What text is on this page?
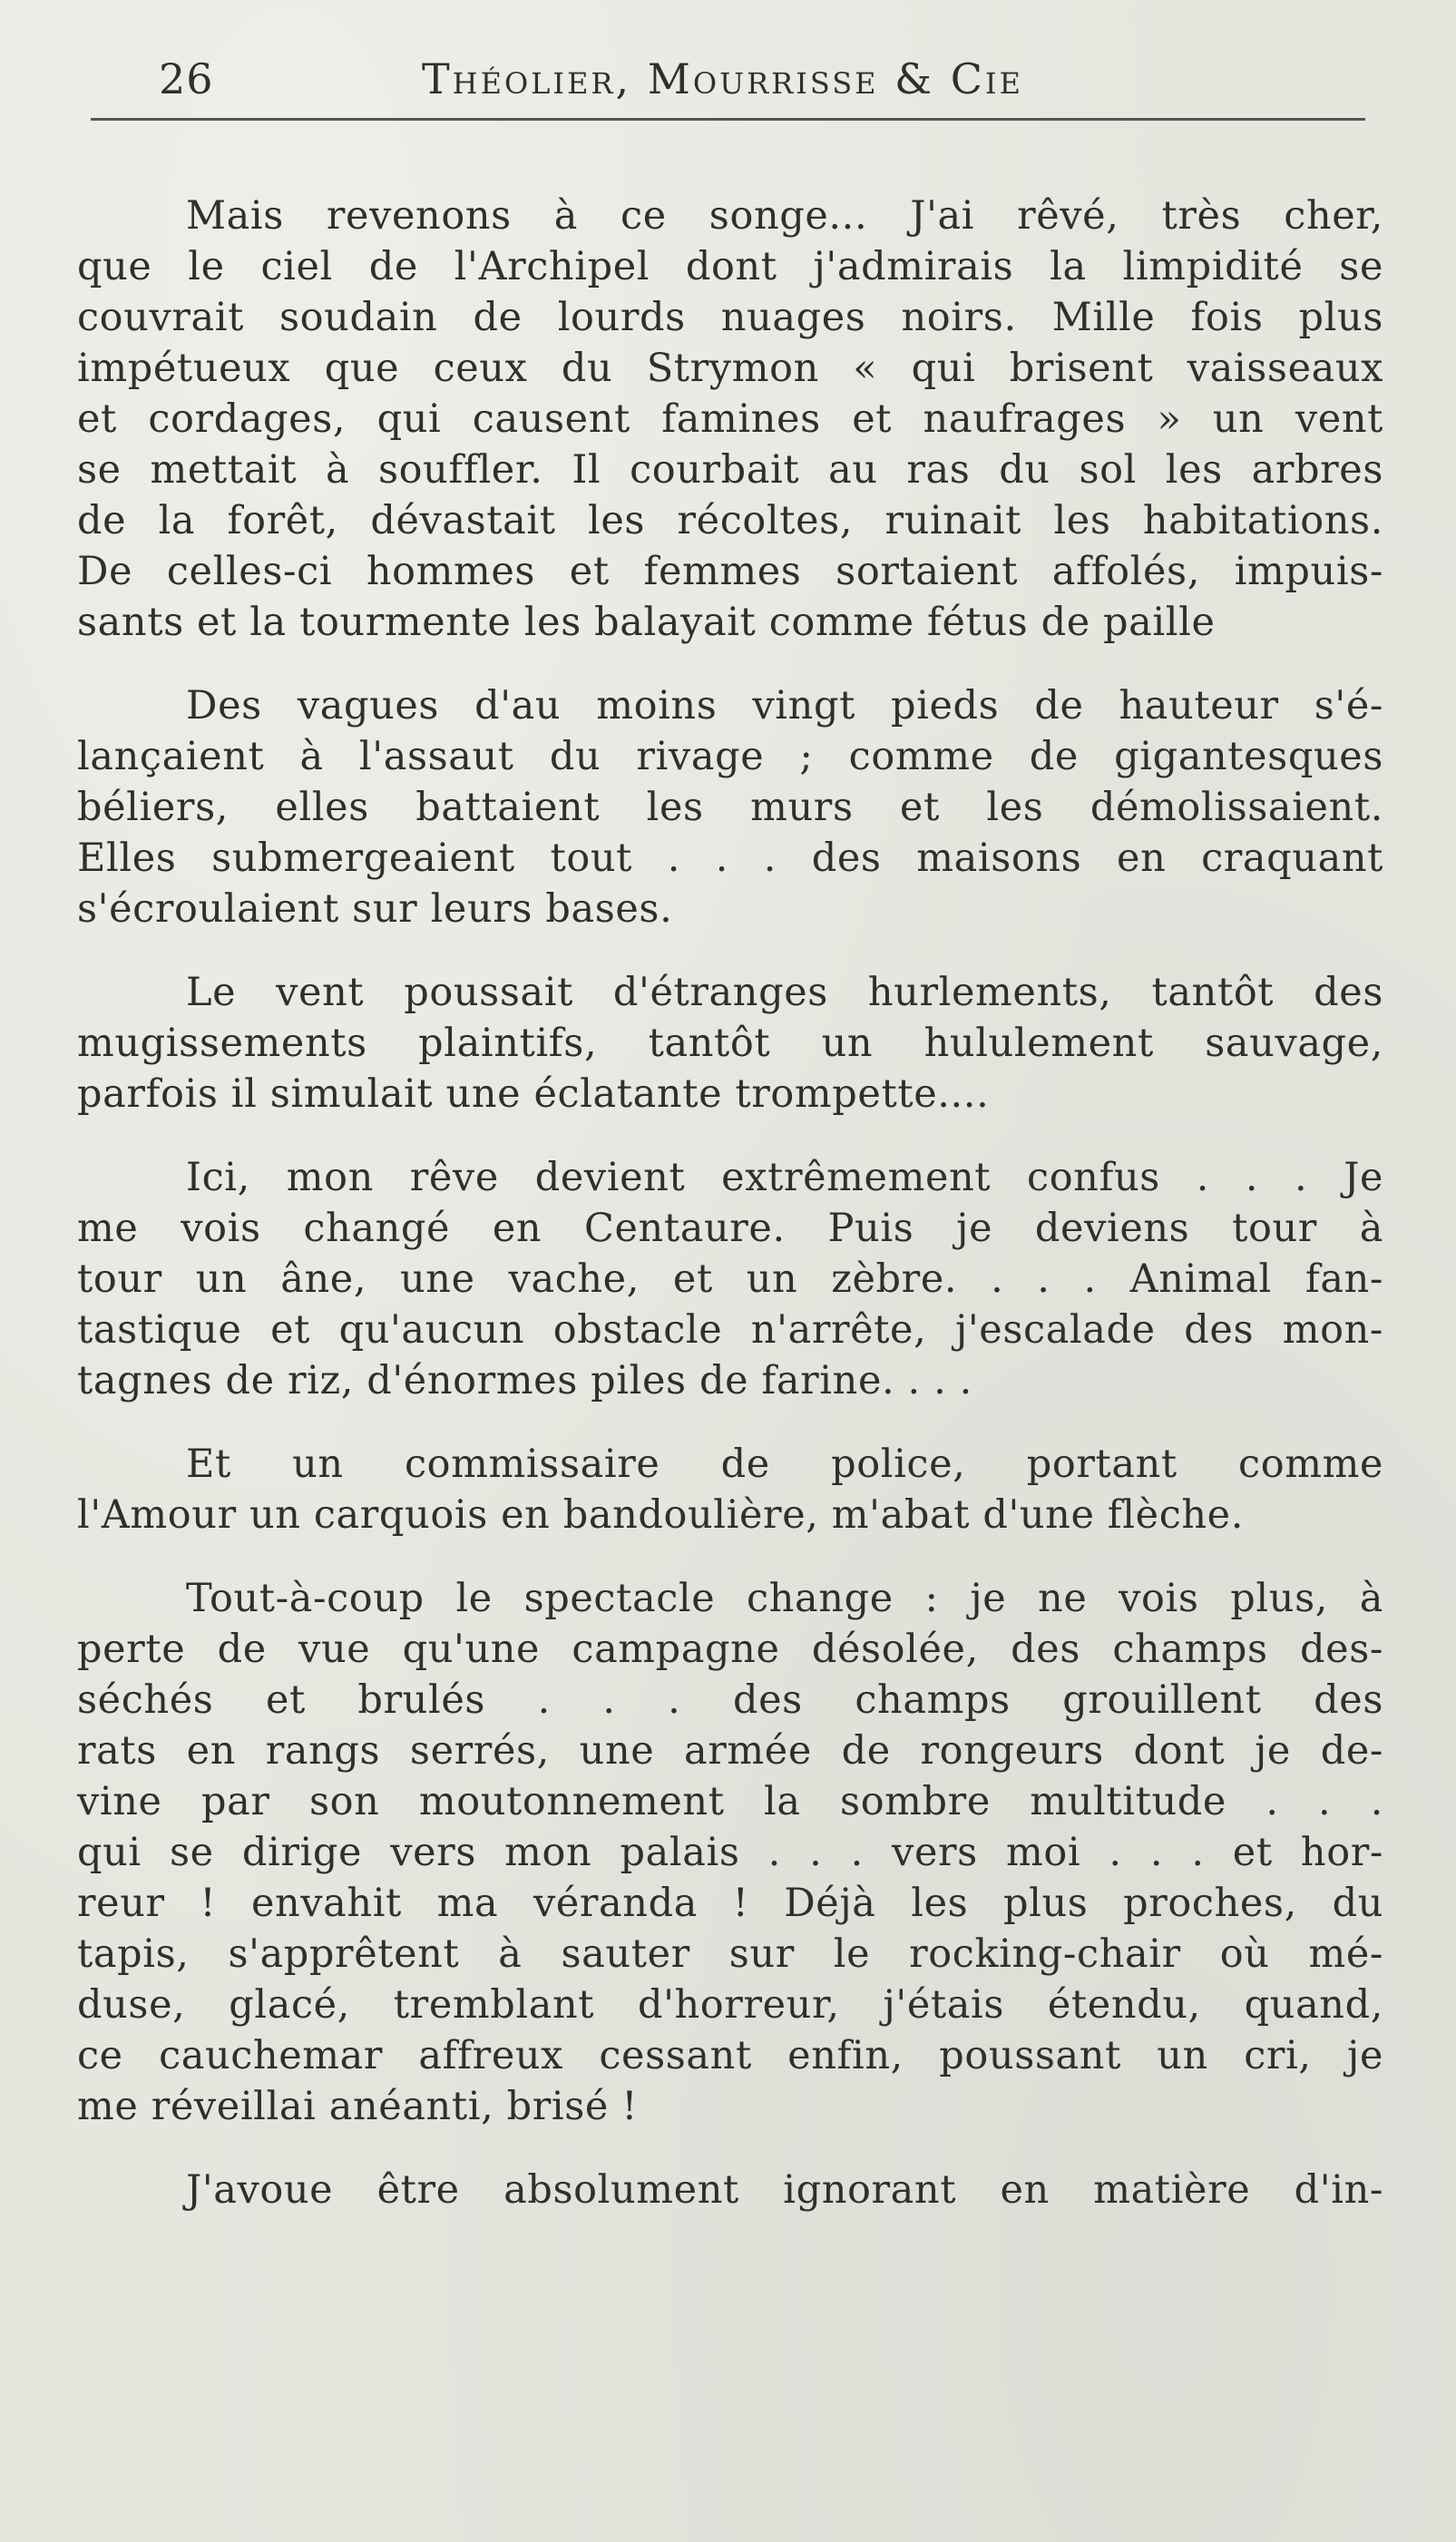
26	Théolier, Mourrisse & Cie
Mais revenons à ce songe... J'ai rêvé, très cher,
que le ciel de l'Archipel dont j'admirais la limpidité se
couvrait soudain de lourds nuages noirs. Mille fois plus
impétueux que ceux du Strymon « qui brisent vaisseaux
et cordages, qui causent famines et naufrages » un vent
se mettait à souffler. Il courbait au ras du sol les arbres
de la forêt, dévastait les récoltes, ruinait les habitations.
De celles-ci hommes et femmes sortaient affolés, impuis-
sants et la tourmente les balayait comme fétus de paille
Des vagues d'au moins vingt pieds de hauteur s'é-
lançaient à l'assaut du rivage ; comme de gigantesques
béliers, elles battaient les murs et les démolissaient.
Elles submergeaient tout . . . des maisons en craquant
s'écroulaient sur leurs bases.
Le vent poussait d'étranges hurlements, tantôt des
mugissements plaintifs, tantôt un hululement sauvage,
parfois il simulait une éclatante trompette....
Ici, mon rêve devient extrêmement confus . . . Je
me vois changé en Centaure. Puis je deviens tour à
tour un âne, une vache, et un zèbre. . . . Animal fan-
tastique et qu'aucun obstacle n'arrête, j'escalade des mon-
tagnes de riz, d'énormes piles de farine. . . .
Et un commissaire de police, portant comme
l'Amour un carquois en bandoulière, m'abat d'une flèche.
Tout-à-coup le spectacle change : je ne vois plus, à
perte de vue qu'une campagne désolée, des champs des-
séchés et brulés . . . des champs grouillent des
rats en rangs serrés, une armée de rongeurs dont je de-
vine par son moutonnement la sombre multitude . . .
qui se dirige vers mon palais . . . vers moi . . . et hor-
reur ! envahit ma véranda ! Déjà les plus proches, du
tapis, s'apprêtent à sauter sur le rocking-chair où mé-
duse, glacé, tremblant d'horreur, j'étais étendu, quand,
ce cauchemar affreux cessant enfin, poussant un cri, je
me réveillai anéanti, brisé !
J'avoue être absolument ignorant en matière d'in-
